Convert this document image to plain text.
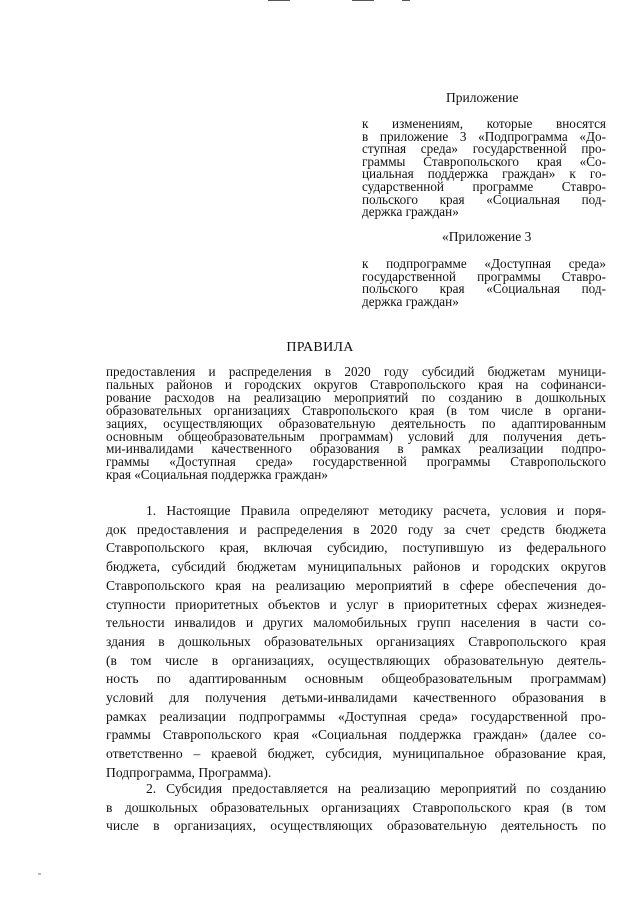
Приложение
к изменениям, которые вносятся
в приложение 3 «Подпрограмма «До-
ступная среда» государственной про-
граммы Ставропольского края «Со-
циальная поддержка граждан» к го-
сударственной программе Ставро-
польского края «Социальная под-
держка граждан»
«Приложение 3
к подпрограмме «Доступная среда»
государственной программы Ставро-
польского края «Социальная под-
держка граждан»
ПРАВИЛА
предоставления и распределения в 2020 году субсидий бюджетам муници-
пальных районов и городских округов Ставропольского края на софинанси-
рование расходов на реализацию мероприятий по созданию в дошкольных
образовательных организациях Ставропольского края (в том числе в органи-
зациях, осуществляющих образовательную деятельность по адаптированным
основным общеобразовательным программам) условий для получения деть-
ми-инвалидами качественного образования в рамках реализации подпро-
граммы «Доступная среда» государственной программы Ставропольского
края «Социальная поддержка граждан»
1. Настоящие Правила определяют методику расчета, условия и поря-
док предоставления и распределения в 2020 году за счет средств бюджета
Ставропольского края, включая субсидию, поступившую из федерального
бюджета, субсидий бюджетам муниципальных районов и городских округов
Ставропольского края на реализацию мероприятий в сфере обеспечения до-
ступности приоритетных объектов и услуг в приоритетных сферах жизнедея-
тельности инвалидов и других маломобильных групп населения в части со-
здания в дошкольных образовательных организациях Ставропольского края
(в том числе в организациях, осуществляющих образовательную деятель-
ность по адаптированным основным общеобразовательным программам)
условий для получения детьми-инвалидами качественного образования в
рамках реализации подпрограммы «Доступная среда» государственной про-
граммы Ставропольского края «Социальная поддержка граждан» (далее со-
ответственно – краевой бюджет, субсидия, муниципальное образование края,
Подпрограмма, Программа).
2. Субсидия предоставляется на реализацию мероприятий по созданию
в дошкольных образовательных организациях Ставропольского края (в том
числе в организациях, осуществляющих образовательную деятельность по
